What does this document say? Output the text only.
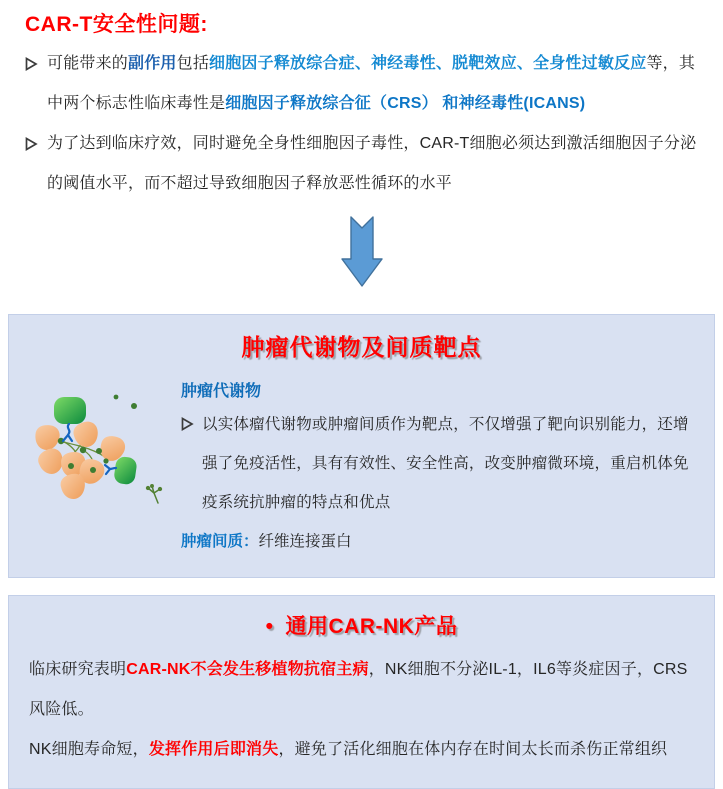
CAR-T安全性问题:

可能带来的副作用包括细胞因子释放综合症、神经毒性、脱靶效应、全身性过敏反应等，其中两个标志性临床毒性是细胞因子释放综合征（CRS） 和神经毒性(ICANS)

为了达到临床疗效，同时避免全身性细胞因子毒性，CAR-T细胞必须达到激活细胞因子分泌的阈值水平，而不超过导致细胞因子释放恶性循环的水平

肿瘤代谢物及间质靶点
肿瘤代谢物

以实体瘤代谢物或肿瘤间质作为靶点，不仅增强了靶向识别能力，还增强了免疫活性，具有有效性、安全性高，改变肿瘤微环境，重启机体免疫系统抗肿瘤的特点和优点

肿瘤间质：纤维连接蛋白
• 通用CAR-NK产品

临床研究表明CAR-NK不会发生移植物抗宿主病，NK细胞不分泌IL-1，IL6等炎症因子，CRS风险低。

NK细胞寿命短，发挥作用后即消失，避免了活化细胞在体内存在时间太长而杀伤正常组织
